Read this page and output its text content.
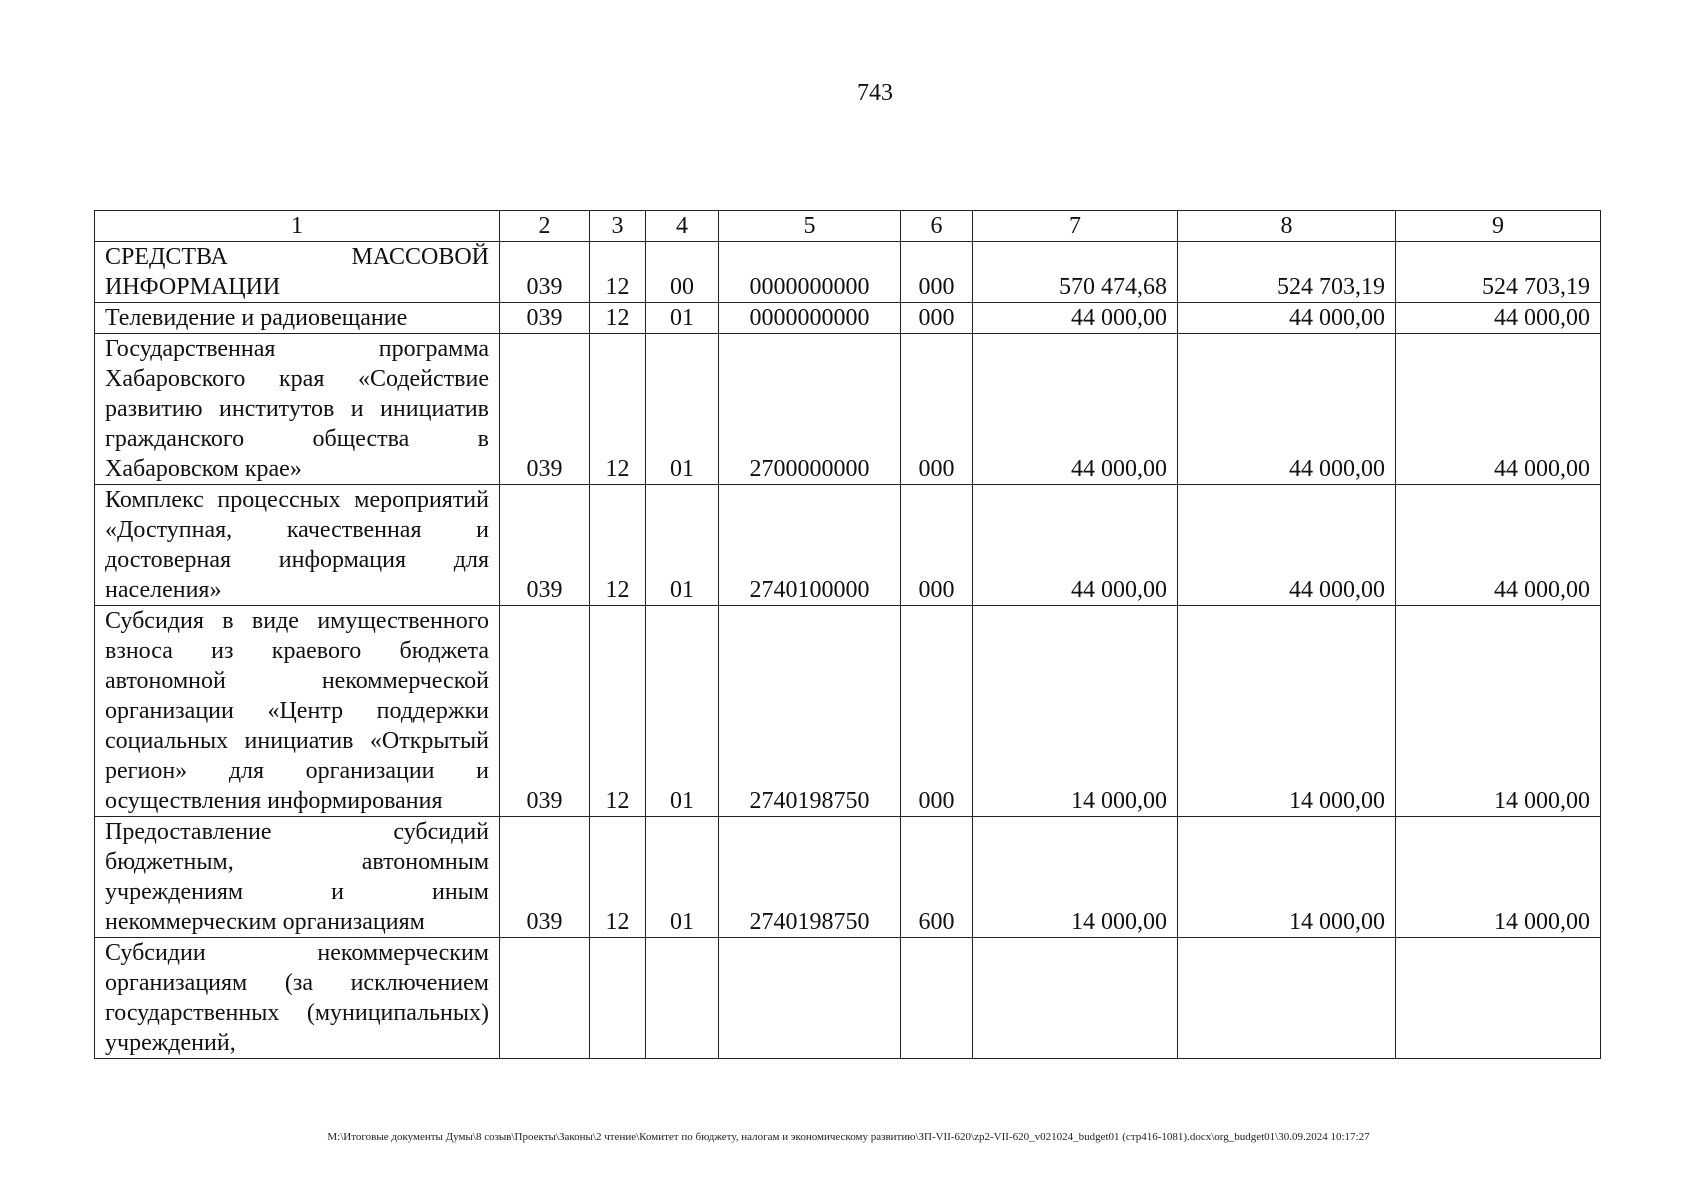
743
1	2	3	4	5	6	7	8	9
СРЕДСТВА МАССОВОЙ ИНФОРМАЦИИ	039	12	00	0000000000	000	570 474,68	524 703,19	524 703,19
Телевидение и радиовещание	039	12	01	0000000000	000	44 000,00	44 000,00	44 000,00
Государственная программа Хабаровского края «Содействие развитию институтов и инициатив гражданского общества в Хабаровском крае»	039	12	01	2700000000	000	44 000,00	44 000,00	44 000,00
Комплекс процессных мероприятий «Доступная, качественная и достоверная информация для населения»	039	12	01	2740100000	000	44 000,00	44 000,00	44 000,00
Субсидия в виде имущественного взноса из краевого бюджета автономной некоммерческой организации «Центр поддержки социальных инициатив «Открытый регион» для организации и осуществления информирования	039	12	01	2740198750	000	14 000,00	14 000,00	14 000,00
Предоставление субсидий бюджетным, автономным учреждениям и иным некоммерческим организациям	039	12	01	2740198750	600	14 000,00	14 000,00	14 000,00
Субсидии некоммерческим организациям (за исключением государственных (муниципальных) учреждений,								
M:\Итоговые документы Думы\8 созыв\Проекты\Законы\2 чтение\Комитет по бюджету, налогам и экономическому развитию\ЗП-VII-620\zp2-VII-620_v021024_budget01 (стр416-1081).docx\org_budget01\30.09.2024 10:17:27
